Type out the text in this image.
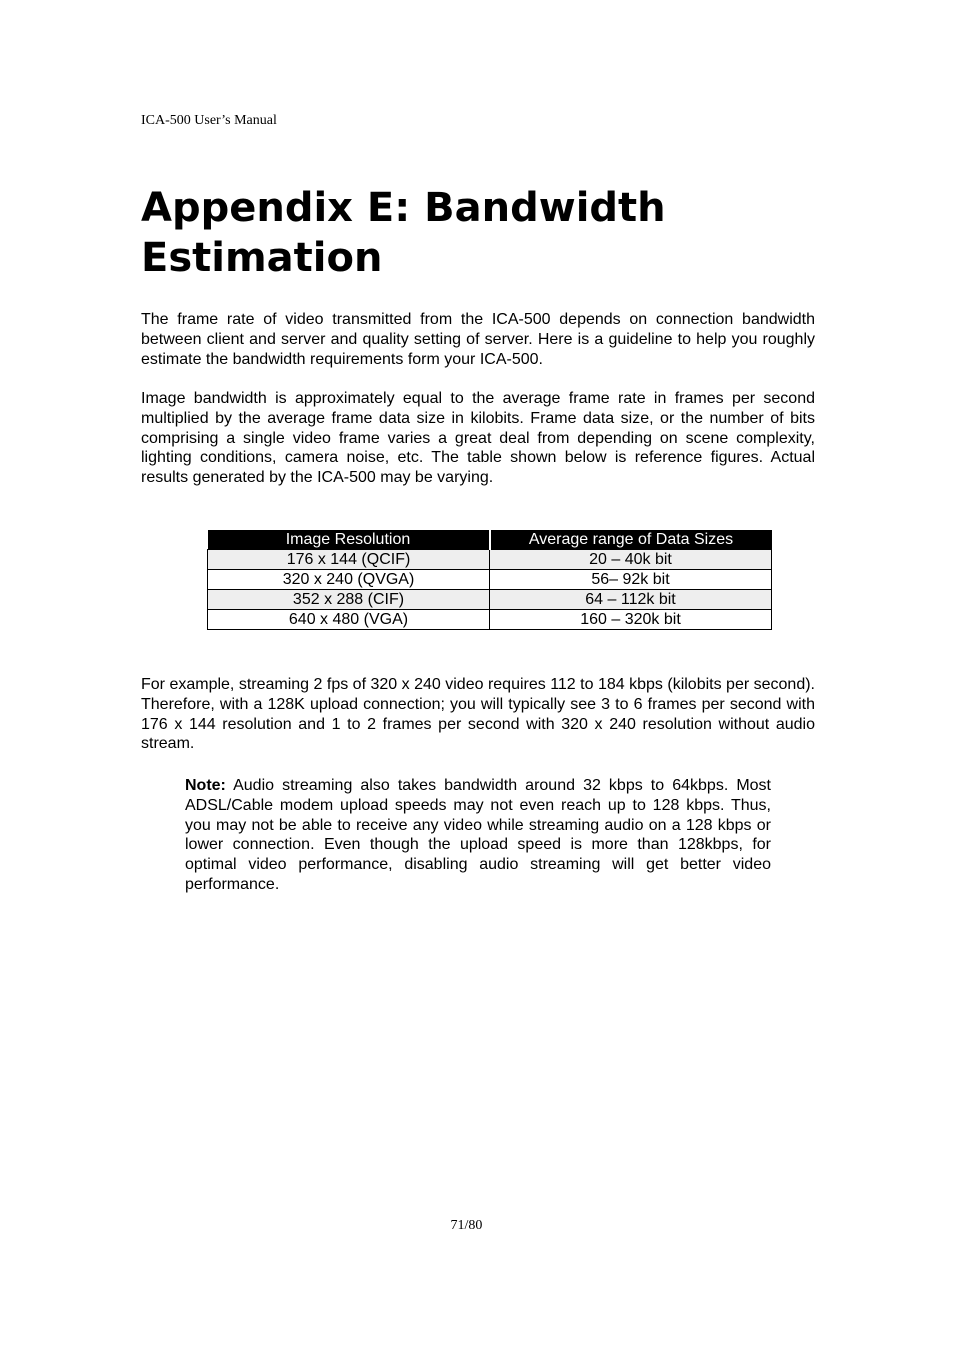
ICA-500 User’s Manual
Appendix E: Bandwidth
Estimation

The frame rate of video transmitted from the ICA-500 depends on connection bandwidth between client and server and quality setting of server. Here is a guideline to help you roughly estimate the bandwidth requirements form your ICA-500.

Image bandwidth is approximately equal to the average frame rate in frames per second multiplied by the average frame data size in kilobits. Frame data size, or the number of bits comprising a single video frame varies a great deal from depending on scene complexity, lighting conditions, camera noise, etc. The table shown below is reference figures. Actual results generated by the ICA-500 may be varying.

Image Resolution	Average range of Data Sizes
176 x 144 (QCIF)	20 – 40k bit
320 x 240 (QVGA)	56– 92k bit
352 x 288 (CIF)	64 – 112k bit
640 x 480 (VGA)	160 – 320k bit

For example, streaming 2 fps of 320 x 240 video requires 112 to 184 kbps (kilobits per second). Therefore, with a 128K upload connection; you will typically see 3 to 6 frames per second with 176 x 144 resolution and 1 to 2 frames per second with 320 x 240 resolution without audio stream.

Note: Audio streaming also takes bandwidth around 32 kbps to 64kbps. Most ADSL/Cable modem upload speeds may not even reach up to 128 kbps. Thus, you may not be able to receive any video while streaming audio on a 128 kbps or lower connection. Even though the upload speed is more than 128kbps, for optimal video performance, disabling audio streaming will get better video performance.

71/80
